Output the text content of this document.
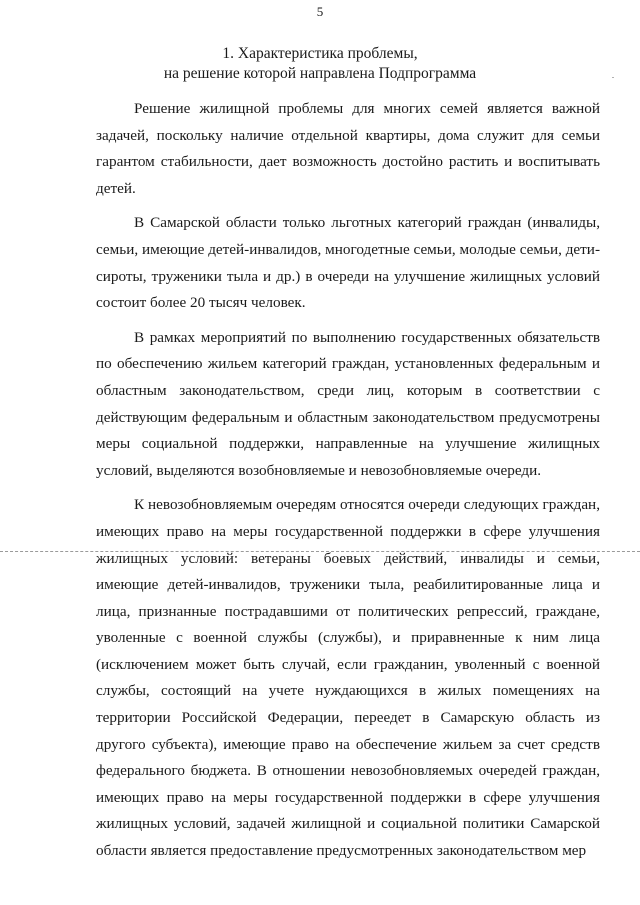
5
1. Характеристика проблемы,
на решение которой направлена Подпрограмма

Решение жилищной проблемы для многих семей является важной задачей, поскольку наличие отдельной квартиры, дома служит для семьи гарантом стабильности, дает возможность достойно растить и воспитывать детей.

В Самарской области только льготных категорий граждан (инвалиды, семьи, имеющие детей-инвалидов, многодетные семьи, молодые семьи, дети-сироты, труженики тыла и др.) в очереди на улучшение жилищных условий состоит более 20 тысяч человек.

В рамках мероприятий по выполнению государственных обязательств по обеспечению жильем категорий граждан, установленных федеральным и областным законодательством, среди лиц, которым в соответствии с действующим федеральным и областным законодательством предусмотрены меры социальной поддержки, направленные на улучшение жилищных условий, выделяются возобновляемые и невозобновляемые очереди.

К невозобновляемым очередям относятся очереди следующих граждан, имеющих право на меры государственной поддержки в сфере улучшения жилищных условий: ветераны боевых действий, инвалиды и семьи, имеющие детей-инвалидов, труженики тыла, реабилитированные лица и лица, признанные пострадавшими от политических репрессий, граждане, уволенные с военной службы (службы), и приравненные к ним лица (исключением может быть случай, если гражданин, уволенный с военной службы, состоящий на учете нуждающихся в жилых помещениях на территории Российской Федерации, переедет в Самарскую область из другого субъекта), имеющие право на обеспечение жильем за счет средств федерального бюджета. В отношении невозобновляемых очередей граждан, имеющих право на меры государственной поддержки в сфере улучшения жилищных условий, задачей жилищной и социальной политики Самарской области является предоставление предусмотренных законодательством мер
